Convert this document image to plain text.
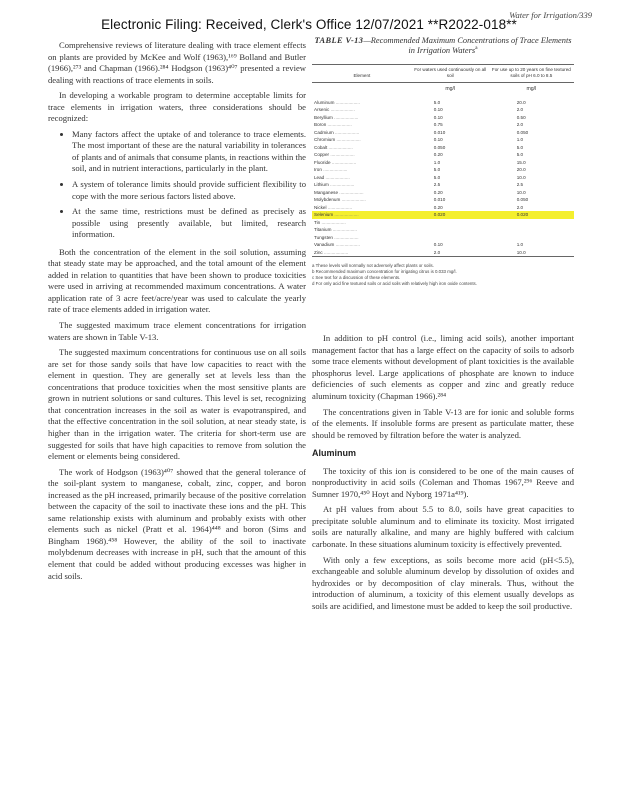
Electronic Filing: Received, Clerk's Office 12/07/2021 **R2022-018**
Water for Irrigation/339

Comprehensive reviews of literature dealing with trace element effects on plants are provided by McKee and Wolf (1963),¹⁶⁹ Bolland and Butler (1966),²⁷³ and Chapman (1966).²⁸⁴ Hodgson (1963)⁴⁰⁷ presented a review dealing with reactions of trace elements in soils.

In developing a workable program to determine acceptable limits for trace elements in irrigation waters, three considerations should be recognized:

• Many factors affect the uptake of and tolerance to trace elements. The most important of these are the natural variability in tolerances of plants and of animals that consume plants, in reactions within the soil, and in nutrient interactions, particularly in the plant.
• A system of tolerance limits should provide sufficient flexibility to cope with the more serious factors listed above.
• At the same time, restrictions must be defined as precisely as possible using presently available, but limited, research information.

Both the concentration of the element in the soil solution, assuming that steady state may be approached, and the total amount of the element added in relation to quantities that have been shown to produce toxicities were used in arriving at recommended maximum concentrations. A water application rate of 3 acre feet/acre/year was used to calculate the yearly rate of trace elements added in irrigation water.

The suggested maximum trace element concentrations for irrigation waters are shown in Table V-13.

The suggested maximum concentrations for continuous use on all soils are set for those sandy soils that have low capacities to react with the element in question. They are generally set at levels less than the concentrations that produce toxicities when the most sensitive plants are grown in nutrient solutions or sand cultures. This level is set, recognizing that concentration increases in the soil as water is evapotranspired, and that the effective concentration in the soil solution, at near steady state, is higher than in the irrigation water. The criteria for short-term use are suggested for soils that have high capacities to remove from solution the element or elements being considered.

The work of Hodgson (1963)⁴⁰⁷ showed that the general tolerance of the soil-plant system to manganese, cobalt, zinc, copper, and boron increased as the pH increased, primarily because of the positive correlation between the capacity of the soil to inactivate these ions and the pH. This same relationship exists with aluminum and probably exists with other elements such as nickel (Pratt et al. 1964)⁴⁴⁸ and boron (Sims and Bingham 1968).⁴⁵⁸ However, the ability of the soil to inactivate molybdenum decreases with increase in pH, such that the amount of this element that could be added without producing excesses was higher in acid soils.

TABLE V-13—Recommended Maximum Concentrations of Trace Elements in Irrigation Waters$^a$
Element	For waters used continuously on all soil	For use up to 20 years on fine textured soils of pH 6.0 to 8.5
	mg/l	mg/l
Aluminum ...................	5.0	20.0
Arsenic ...................	0.10	2.0
Beryllium ...................	0.10	0.50
Boron ...................	0.75	2.0
Cadmium ...................	0.010	0.050
Chromium ...................	0.10	1.0
Cobalt ...................	0.050	5.0
Copper ...................	0.20	5.0
Fluoride ...................	1.0	15.0
Iron ...................	5.0	20.0
Lead ...................	5.0	10.0
Lithium ...................	2.5	2.5
Manganese ...................	0.20	10.0
Molybdenum ...................	0.010	0.050
Nickel ...................	0.20	2.0
Selenium ...................	0.020	0.020
Tin ...................		
Titanium ...................		
Tungsten ...................		
Vanadium ...................	0.10	1.0
Zinc ...................	2.0	10.0
a These levels will normally not adversely affect plants or soils.
b Recommended maximum concentration for irrigating citrus is 0.033 mg/l.
c See text for a discussion of these elements.
d For only acid fine textured soils or acid soils with relatively high iron oxide contents.

In addition to pH control (i.e., liming acid soils), another important management factor that has a large effect on the capacity of soils to adsorb some trace elements without development of plant toxicities is the available phosphorus level. Large applications of phosphate are known to induce deficiencies of such elements as copper and zinc and greatly reduce aluminum toxicity (Chapman 1966).²⁸⁴

The concentrations given in Table V-13 are for ionic and soluble forms of the elements. If insoluble forms are present as particulate matter, these should be removed by filtration before the water is analyzed.

Aluminum

The toxicity of this ion is considered to be one of the main causes of nonproductivity in acid soils (Coleman and Thomas 1967,²⁹⁶ Reeve and Sumner 1970,⁴⁵⁰ Hoyt and Nyborg 1971a⁴¹⁹).

At pH values from about 5.5 to 8.0, soils have great capacities to precipitate soluble aluminum and to eliminate its toxicity. Most irrigated soils are naturally alkaline, and many are highly buffered with calcium carbonate. In these situations aluminum toxicity is effectively prevented.

With only a few exceptions, as soils become more acid (pH<5.5), exchangeable and soluble aluminum develop by dissolution of oxides and hydroxides or by decomposition of clay minerals. Thus, without the introduction of aluminum, a toxicity of this element usually develops as soils are acidified, and limestone must be added to keep the soil productive.
